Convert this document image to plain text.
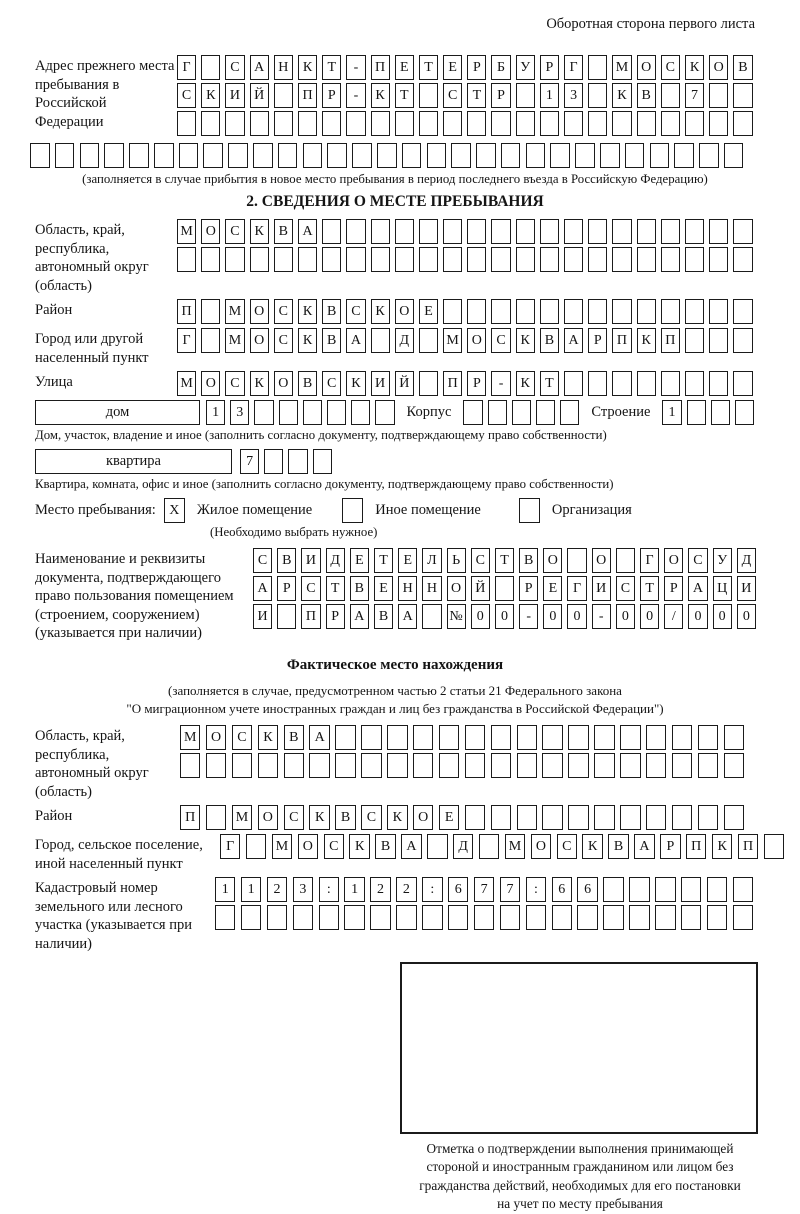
Оборотная сторона первого листа
Адрес прежнего места пребывания в Российской Федерации
Г	С	А	Н	К	Т	-	П	Е	Т	Е	Р	Б	У	Р	Г	М О	С	К	О	В
С	К	И	Й	П	Р	-	К	Т	С	Т	Р	1	3	К	В	7
(заполняется в случае прибытия в новое место пребывания в период последнего въезда в Российскую Федерацию)
2. СВЕДЕНИЯ О МЕСТЕ ПРЕБЫВАНИЯ
Область, край, республика, автономный округ (область)
М О	С	К	В	А
Район	П	М О	С	К	В	С	К	О	Е
Город или другой населенный пункт
Г	М О	С	К	В	А	Д	М О	С	К	В	А	Р	П	К	П
Улица	М О	С	К	О	В	С	К	И	Й	П	Р	-	К	Т
дом	1	3	Корпус	Строение	1
Дом, участок, владение и иное (заполнить согласно документу, подтверждающему право собственности)
квартира	7
Квартира, комната, офис и иное (заполнить согласно документу, подтверждающему право собственности)
Место пребывания: X	Жилое помещение	Иное помещение	Организация
(Необходимо выбрать нужное)
Наименование и реквизиты документа, подтверждающего право пользования помещением (строением, сооружением) (указывается при наличии)
С	В	И	Д	Е	Т	Е	Л	Ь	С	Т	В	О	О	Г	О	С	У	Д
А	Р	С	Т	В	Е	Н	Н	О	Й	Р	Е	Г	И	С	Т	Р	А	Ц	И
И	П	Р	А	В	А	№	0	0	-	0	0	-	0	0	/	0	0	0
Фактическое место нахождения
(заполняется в случае, предусмотренном частью 2 статьи 21 Федерального закона
"О миграционном учете иностранных граждан и лиц без гражданства в Российской Федерации")
Область, край, республика, автономный округ (область)
М	О	С	К	В	А
Район	П	М	О	С	К	В	С	К	О	Е
Город, сельское поселение, иной населенный пункт
Г	М	О	С	К	В	А	Д	М	О	С	К	В	А	Р	П	К	П
Кадастровый номер земельного или лесного участка (указывается при наличии)
1	1	2	3	:	1	2	2	:	6	7	7	:	6	6
Отметка о подтверждении выполнения принимающей
стороной и иностранным гражданином или лицом без
гражданства действий, необходимых для его постановки
на учет по месту пребывания
